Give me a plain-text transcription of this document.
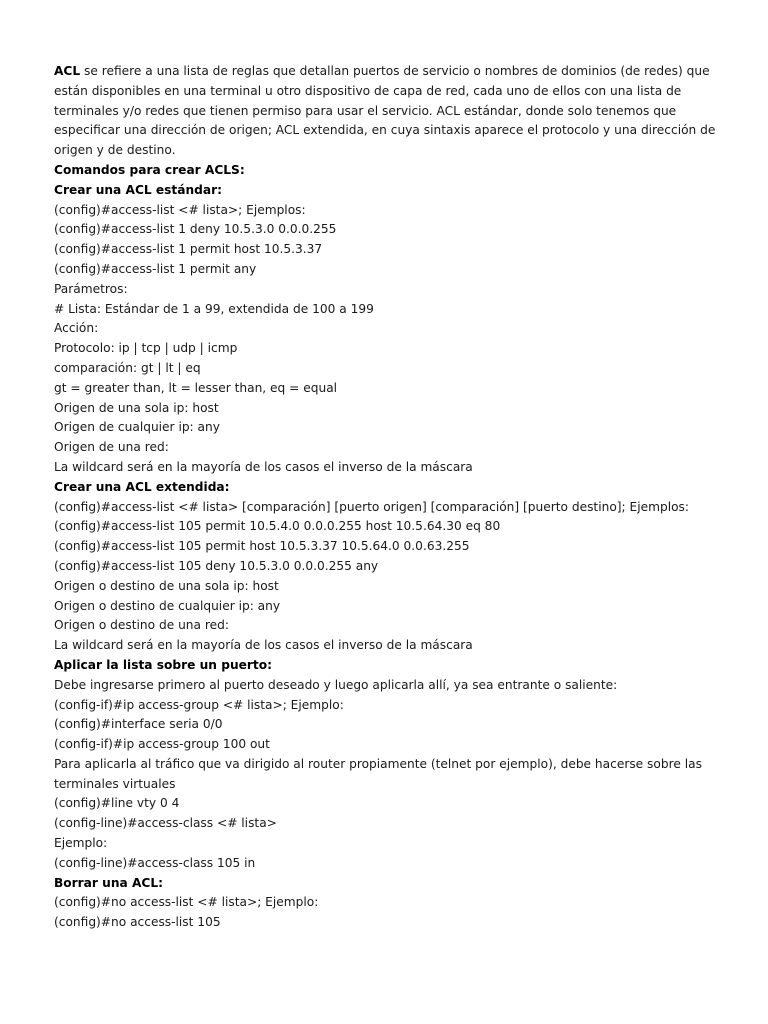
ACL se refiere a una lista de reglas que detallan puertos de servicio o nombres de dominios (de redes) que están disponibles en una terminal u otro dispositivo de capa de red, cada uno de ellos con una lista de terminales y/o redes que tienen permiso para usar el servicio. ACL estándar, donde solo tenemos que especificar una dirección de origen; ACL extendida, en cuya sintaxis aparece el protocolo y una dirección de origen y de destino.

Comandos para crear ACLS:
Crear una ACL estándar:
(config)#access-list <# lista>; Ejemplos:
(config)#access-list 1 deny 10.5.3.0 0.0.0.255
(config)#access-list 1 permit host 10.5.3.37
(config)#access-list 1 permit any
Parámetros:
# Lista: Estándar de 1 a 99, extendida de 100 a 199
Acción:
Protocolo: ip | tcp | udp | icmp
comparación: gt | lt | eq
gt = greater than, lt = lesser than, eq = equal
Origen de una sola ip: host
Origen de cualquier ip: any
Origen de una red:
La wildcard será en la mayoría de los casos el inverso de la máscara
Crear una ACL extendida:
(config)#access-list <# lista> [comparación] [puerto origen] [comparación] [puerto destino]; Ejemplos:
(config)#access-list 105 permit 10.5.4.0 0.0.0.255 host 10.5.64.30 eq 80
(config)#access-list 105 permit host 10.5.3.37 10.5.64.0 0.0.63.255
(config)#access-list 105 deny 10.5.3.0 0.0.0.255 any
Origen o destino de una sola ip: host
Origen o destino de cualquier ip: any
Origen o destino de una red:
La wildcard será en la mayoría de los casos el inverso de la máscara
Aplicar la lista sobre un puerto:
Debe ingresarse primero al puerto deseado y luego aplicarla allí, ya sea entrante o saliente:
(config-if)#ip access-group <# lista>; Ejemplo:
(config)#interface seria 0/0
(config-if)#ip access-group 100 out

Para aplicarla al tráfico que va dirigido al router propiamente (telnet por ejemplo), debe hacerse sobre las terminales virtuales

(config)#line vty 0 4
(config-line)#access-class <# lista>
Ejemplo:
(config-line)#access-class 105 in
Borrar una ACL:
(config)#no access-list <# lista>; Ejemplo:
(config)#no access-list 105
